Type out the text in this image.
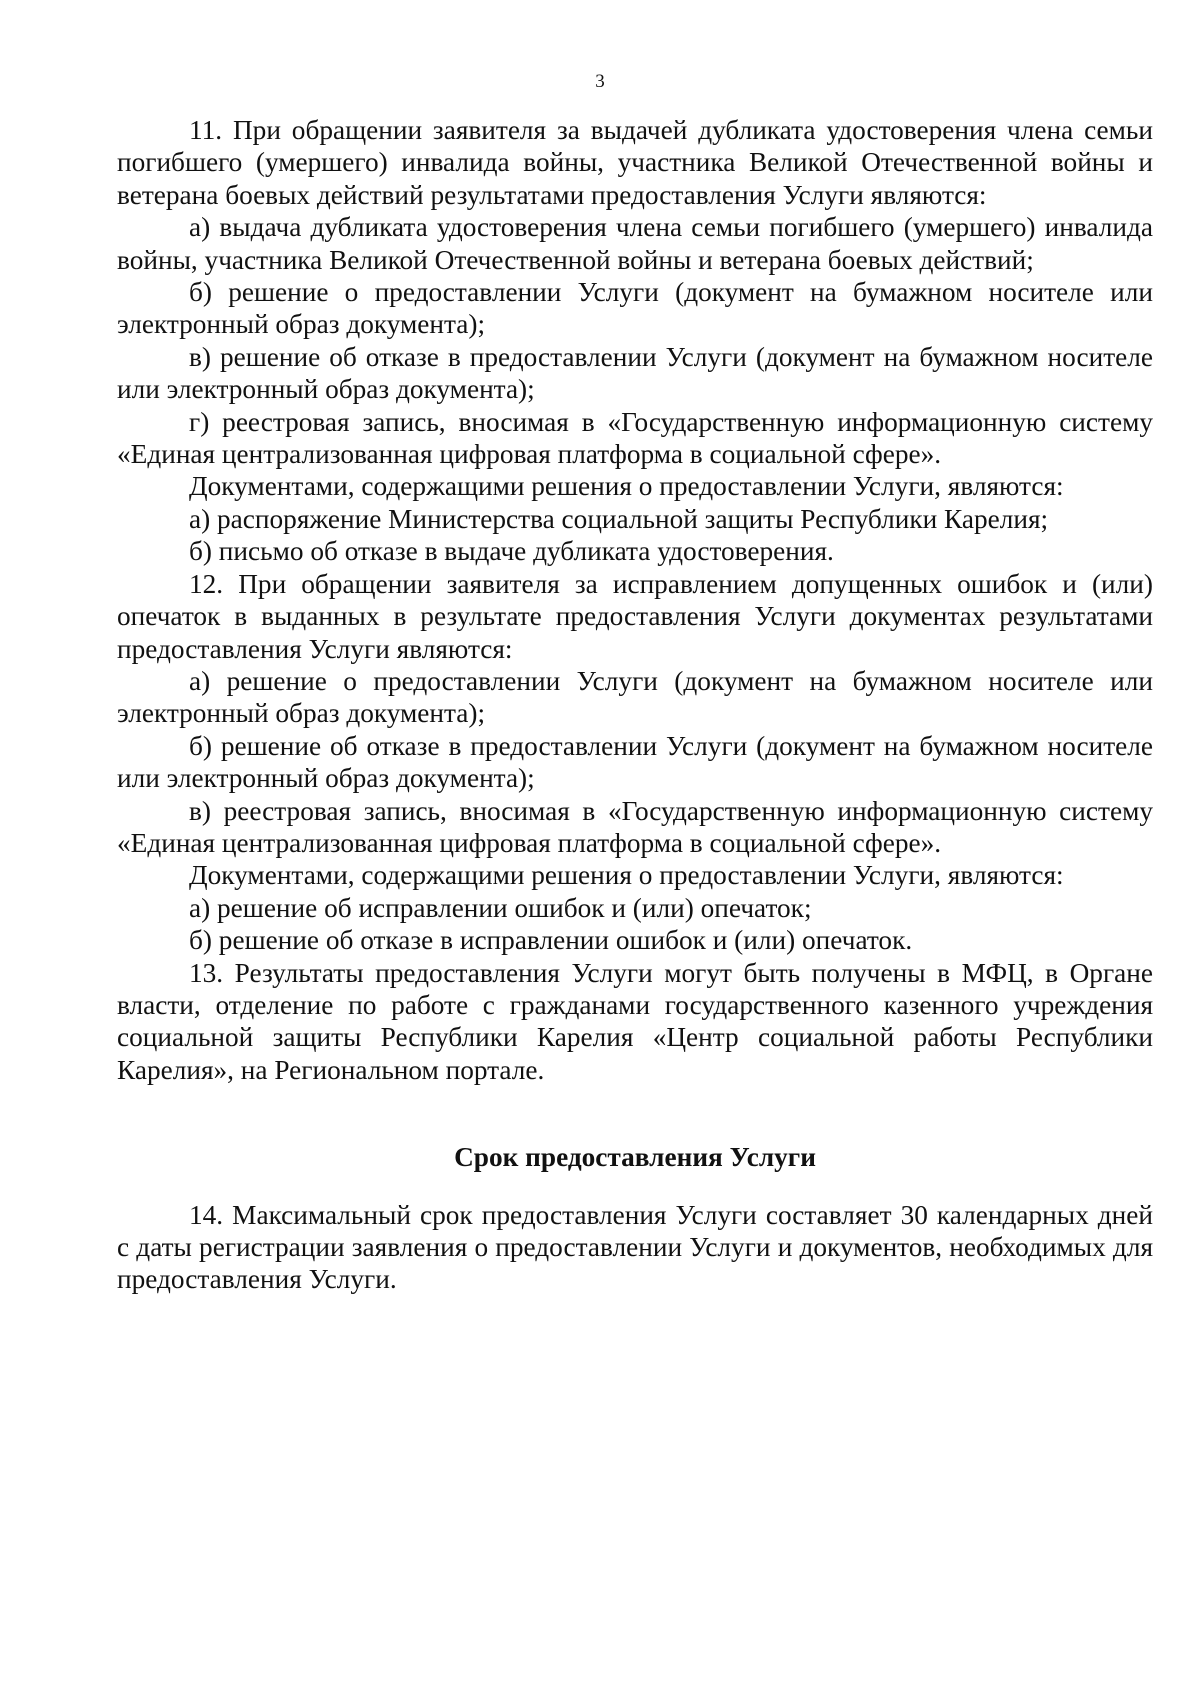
3

11. При обращении заявителя за выдачей дубликата удостоверения члена семьи погибшего (умершего) инвалида войны, участника Великой Отечественной войны и ветерана боевых действий результатами предоставления Услуги являются:

а) выдача дубликата удостоверения члена семьи погибшего (умершего) инвалида войны, участника Великой Отечественной войны и ветерана боевых действий;

б) решение о предоставлении Услуги (документ на бумажном носителе или электронный образ документа);

в) решение об отказе в предоставлении Услуги (документ на бумажном носителе или электронный образ документа);

г) реестровая запись, вносимая в «Государственную информационную систему «Единая централизованная цифровая платформа в социальной сфере».

Документами, содержащими решения о предоставлении Услуги, являются:

а) распоряжение Министерства социальной защиты Республики Карелия;

б) письмо об отказе в выдаче дубликата удостоверения.

12. При обращении заявителя за исправлением допущенных ошибок и (или) опечаток в выданных в результате предоставления Услуги документах результатами предоставления Услуги являются:

а) решение о предоставлении Услуги (документ на бумажном носителе или электронный образ документа);

б) решение об отказе в предоставлении Услуги (документ на бумажном носителе или электронный образ документа);

в) реестровая запись, вносимая в «Государственную информационную систему «Единая централизованная цифровая платформа в социальной сфере».

Документами, содержащими решения о предоставлении Услуги, являются:

а) решение об исправлении ошибок и (или) опечаток;

б) решение об отказе в исправлении ошибок и (или) опечаток.

13. Результаты предоставления Услуги могут быть получены в МФЦ, в Органе власти, отделение по работе с гражданами государственного казенного учреждения социальной защиты Республики Карелия «Центр социальной работы Республики Карелия», на Региональном портале.

Срок предоставления Услуги

14. Максимальный срок предоставления Услуги составляет 30 календарных дней с даты регистрации заявления о предоставлении Услуги и документов, необходимых для предоставления Услуги.
